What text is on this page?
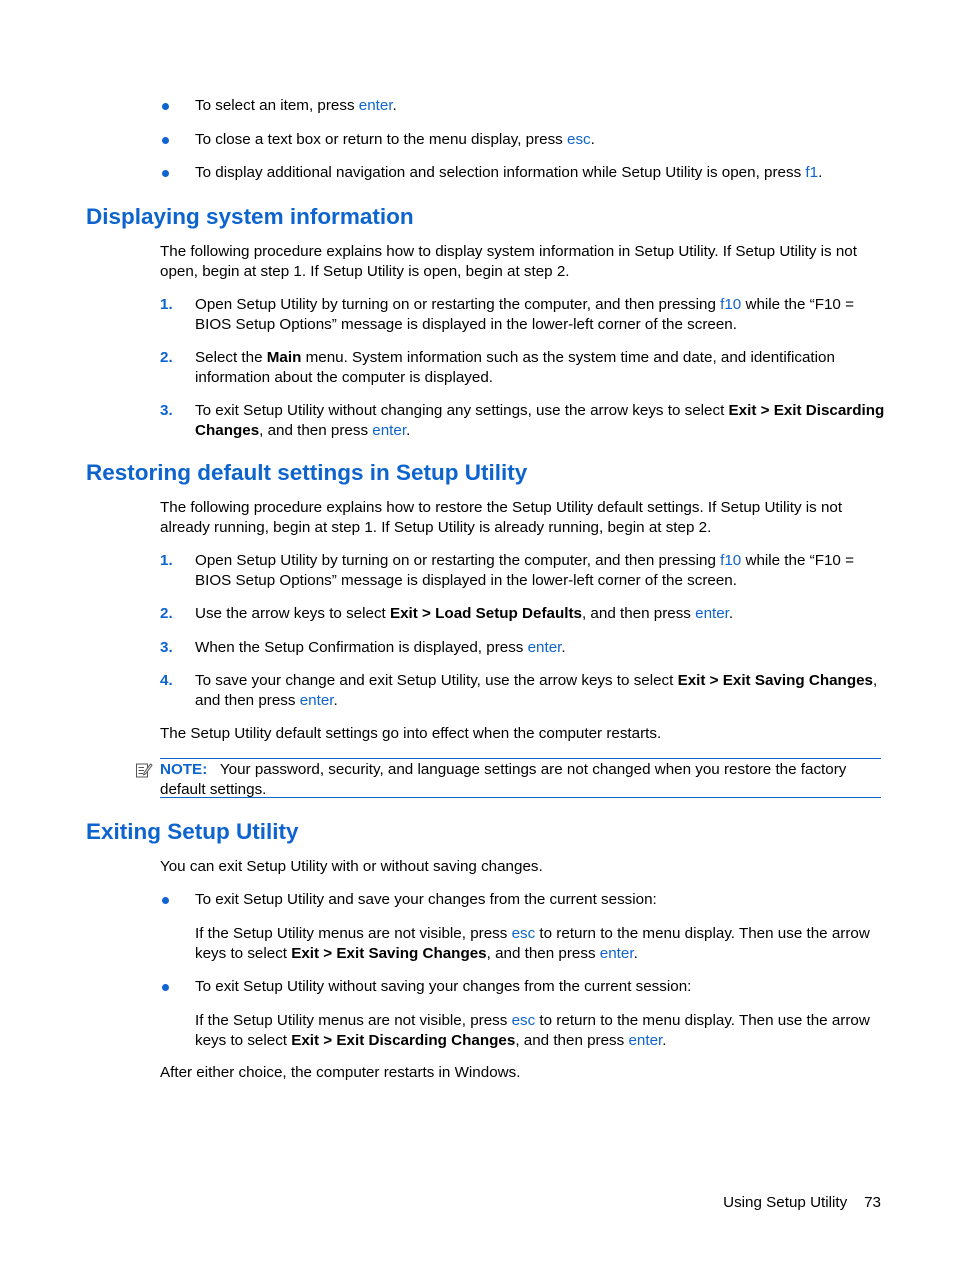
To select an item, press enter.
To close a text box or return to the menu display, press esc.
To display additional navigation and selection information while Setup Utility is open, press f1.
Displaying system information
The following procedure explains how to display system information in Setup Utility. If Setup Utility is not open, begin at step 1. If Setup Utility is open, begin at step 2.
1. Open Setup Utility by turning on or restarting the computer, and then pressing f10 while the “F10 = BIOS Setup Options” message is displayed in the lower-left corner of the screen.
2. Select the Main menu. System information such as the system time and date, and identification information about the computer is displayed.
3. To exit Setup Utility without changing any settings, use the arrow keys to select Exit > Exit Discarding Changes, and then press enter.
Restoring default settings in Setup Utility
The following procedure explains how to restore the Setup Utility default settings. If Setup Utility is not already running, begin at step 1. If Setup Utility is already running, begin at step 2.
1. Open Setup Utility by turning on or restarting the computer, and then pressing f10 while the “F10 = BIOS Setup Options” message is displayed in the lower-left corner of the screen.
2. Use the arrow keys to select Exit > Load Setup Defaults, and then press enter.
3. When the Setup Confirmation is displayed, press enter.
4. To save your change and exit Setup Utility, use the arrow keys to select Exit > Exit Saving Changes, and then press enter.
The Setup Utility default settings go into effect when the computer restarts.
NOTE: Your password, security, and language settings are not changed when you restore the factory default settings.
Exiting Setup Utility
You can exit Setup Utility with or without saving changes.
To exit Setup Utility and save your changes from the current session:
If the Setup Utility menus are not visible, press esc to return to the menu display. Then use the arrow keys to select Exit > Exit Saving Changes, and then press enter.
To exit Setup Utility without saving your changes from the current session:
If the Setup Utility menus are not visible, press esc to return to the menu display. Then use the arrow keys to select Exit > Exit Discarding Changes, and then press enter.
After either choice, the computer restarts in Windows.
Using Setup Utility 73
